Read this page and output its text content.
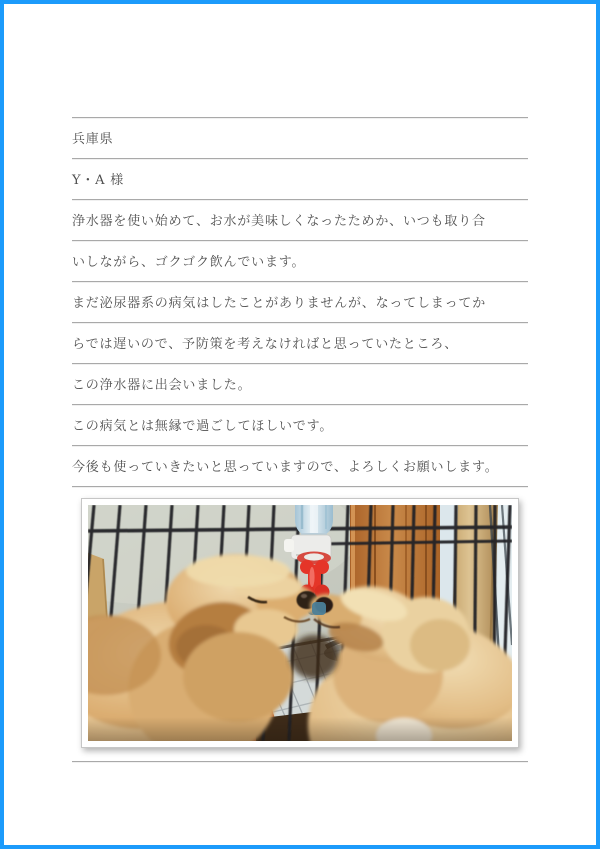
兵庫県
Y・A 様
浄水器を使い始めて、お水が美味しくなったためか、いつも取り合
いしながら、ゴクゴク飲んでいます。
まだ泌尿器系の病気はしたことがありませんが、なってしまってか
らでは遅いので、予防策を考えなければと思っていたところ、
この浄水器に出会いました。
この病気とは無縁で過ごしてほしいです。
今後も使っていきたいと思っていますので、よろしくお願いします。
